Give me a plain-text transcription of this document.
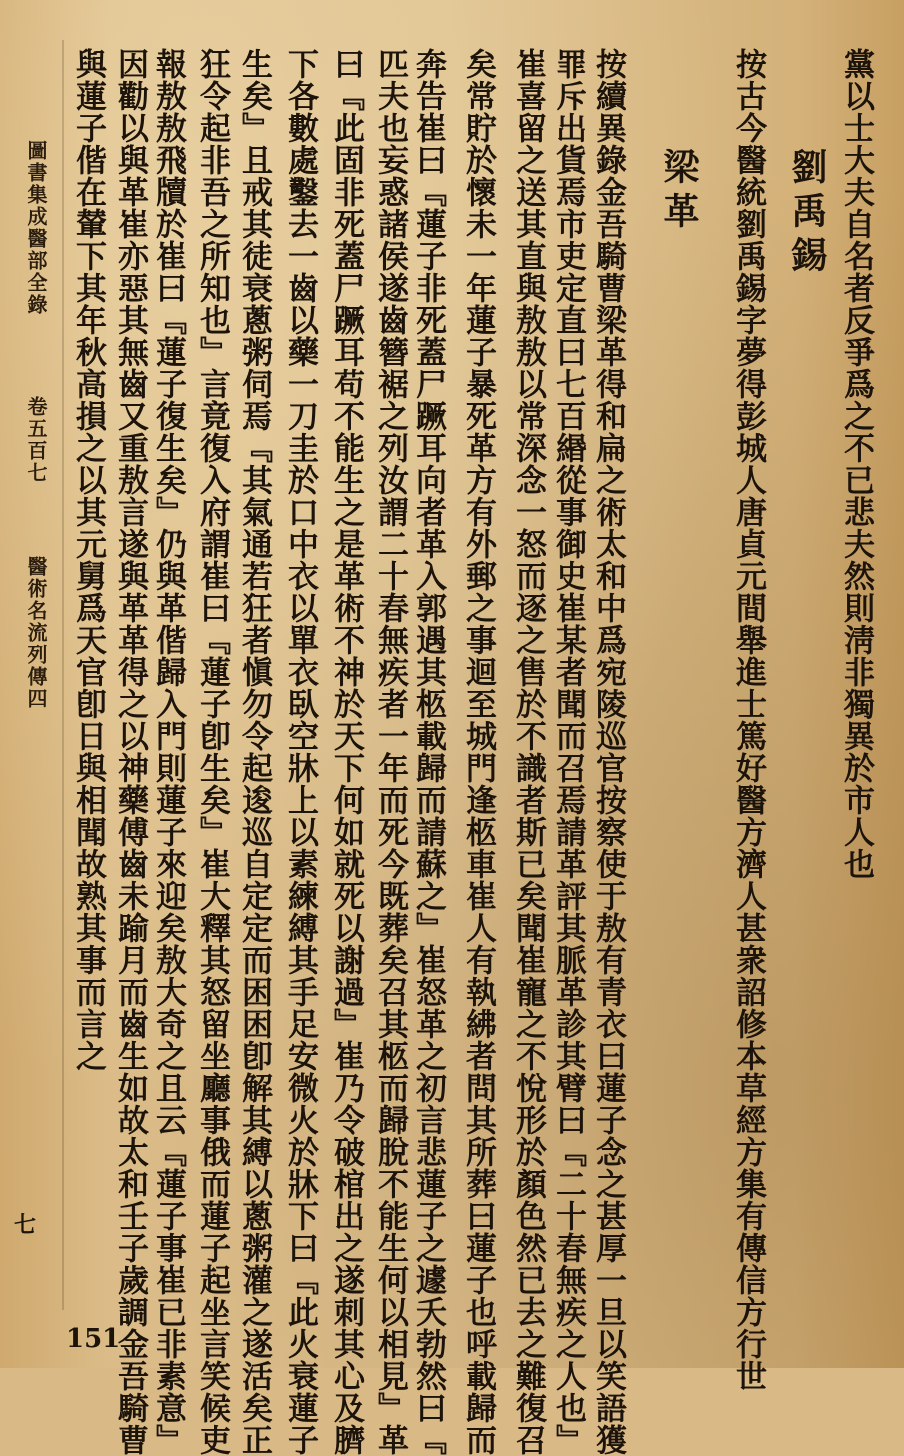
黨以士大夫自名者反爭爲之不已悲夫然則淸非獨異於市人也
劉禹錫
按古今醫統劉禹錫字夢得彭城人唐貞元間舉進士篤好醫方濟人甚衆詔修本草經方集有傳信方行世
梁革
按續異錄金吾騎曹梁革得和扁之術太和中爲宛陵巡官按察使于敖有青衣曰蓮子念之甚厚一旦以笑語獲
罪斥出貨焉市吏定直曰七百緡從事御史崔某者聞而召焉請革評其脈革診其臂曰『二十春無疾之人也』
崔喜留之送其直與敖敖以常深念一怒而逐之售於不識者斯已矣聞崔寵之不悅形於顏色然已去之難復召
矣常貯於懷未一年蓮子暴死革方有外郵之事迴至城門逢柩車崔人有執紼者問其所葬曰蓮子也呼載歸而
奔告崔曰『蓮子非死蓋尸蹶耳向者革入郭遇其柩載歸而請蘇之』崔怒革之初言悲蓮子之遽夭勃然曰『
匹夫也妄惑諸侯遂齒簪裾之列汝謂二十春無疾者一年而死今既葬矣召其柩而歸脫不能生何以相見』革
曰『此固非死蓋尸蹶耳苟不能生之是革術不神於天下何如就死以謝過』崔乃令破棺出之遂刺其心及臍
下各數處鑿去一齒以藥一刀圭於口中衣以單衣臥空牀上以素練縛其手足安微火於牀下曰『此火衰蓮子
生矣』且戒其徒衰蔥粥伺焉『其氣通若狂者愼勿令起逡巡自定定而困困卽解其縛以蔥粥灌之遂活矣正
狂令起非吾之所知也』言竟復入府謂崔曰『蓮子卽生矣』崔大釋其怒留坐廳事俄而蓮子起坐言笑候吏
報敖敖飛牘於崔曰『蓮子復生矣』仍與革偕歸入門則蓮子來迎矣敖大奇之且云『蓮子事崔已非素意』
因勸以與革崔亦惡其無齒又重敖言遂與革革得之以神藥傅齒未踰月而齒生如故太和壬子歲調金吾騎曹
與蓮子偕在輦下其年秋高損之以其元舅爲天官卽日與相聞故熟其事而言之
圖書集成醫部全錄  卷五百七  醫術名流列傳四
七
151
